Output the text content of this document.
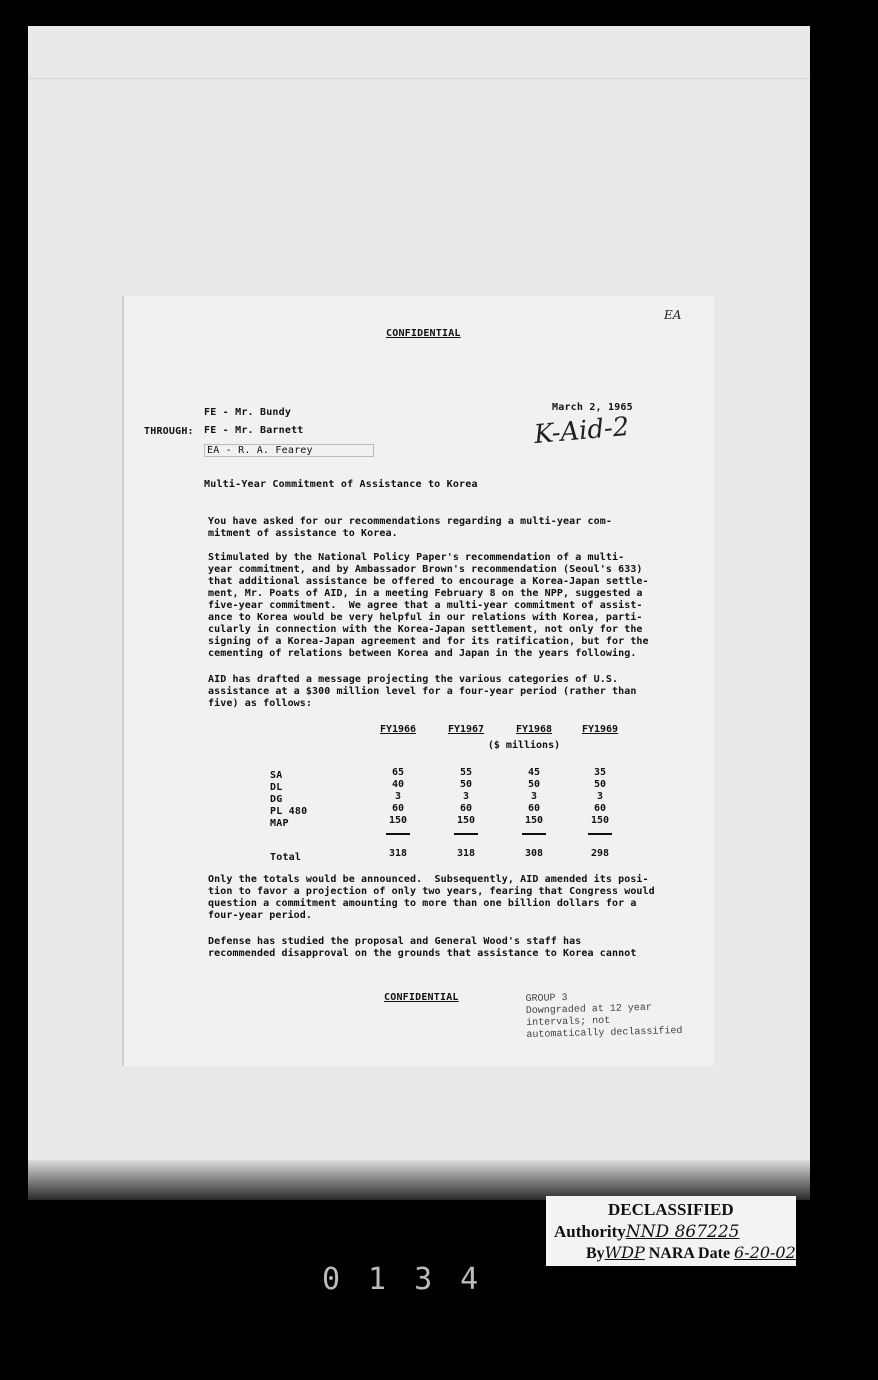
CONFIDENTIAL
EA
FE - Mr. Bundy	March 2, 1965
THROUGH: FE - Mr. Barnett
EA - R. A. Fearey
K-Aid-2
Multi-Year Commitment of Assistance to Korea
You have asked for our recommendations regarding a multi-year com-
mitment of assistance to Korea.
Stimulated by the National Policy Paper's recommendation of a multi-
year commitment, and by Ambassador Brown's recommendation (Seoul's 633)
that additional assistance be offered to encourage a Korea-Japan settle-
ment, Mr. Poats of AID, in a meeting February 8 on the NPP, suggested a
five-year commitment.  We agree that a multi-year commitment of assist-
ance to Korea would be very helpful in our relations with Korea, parti-
cularly in connection with the Korea-Japan settlement, not only for the
signing of a Korea-Japan agreement and for its ratification, but for the
cementing of relations between Korea and Japan in the years following.
AID has drafted a message projecting the various categories of U.S.
assistance at a $300 million level for a four-year period (rather than
five) as follows:
FY1966	FY1967	FY1968	FY1969
($ millions)
SA	65	55	45	35
DL	40	50	50	50
DG	3	3	3	3
PL 480	60	60	60	60
MAP	150	150	150	150
Total	318	318	308	298
Only the totals would be announced.  Subsequently, AID amended its posi-
tion to favor a projection of only two years, fearing that Congress would
question a commitment amounting to more than one billion dollars for a
four-year period.
Defense has studied the proposal and General Wood's staff has
recommended disapproval on the grounds that assistance to Korea cannot
CONFIDENTIAL	GROUP 3
Downgraded at 12 year
intervals; not
automatically declassified
DECLASSIFIED
AuthorityNND 867225
ByWDP NARA Date 6-20-02
0134
